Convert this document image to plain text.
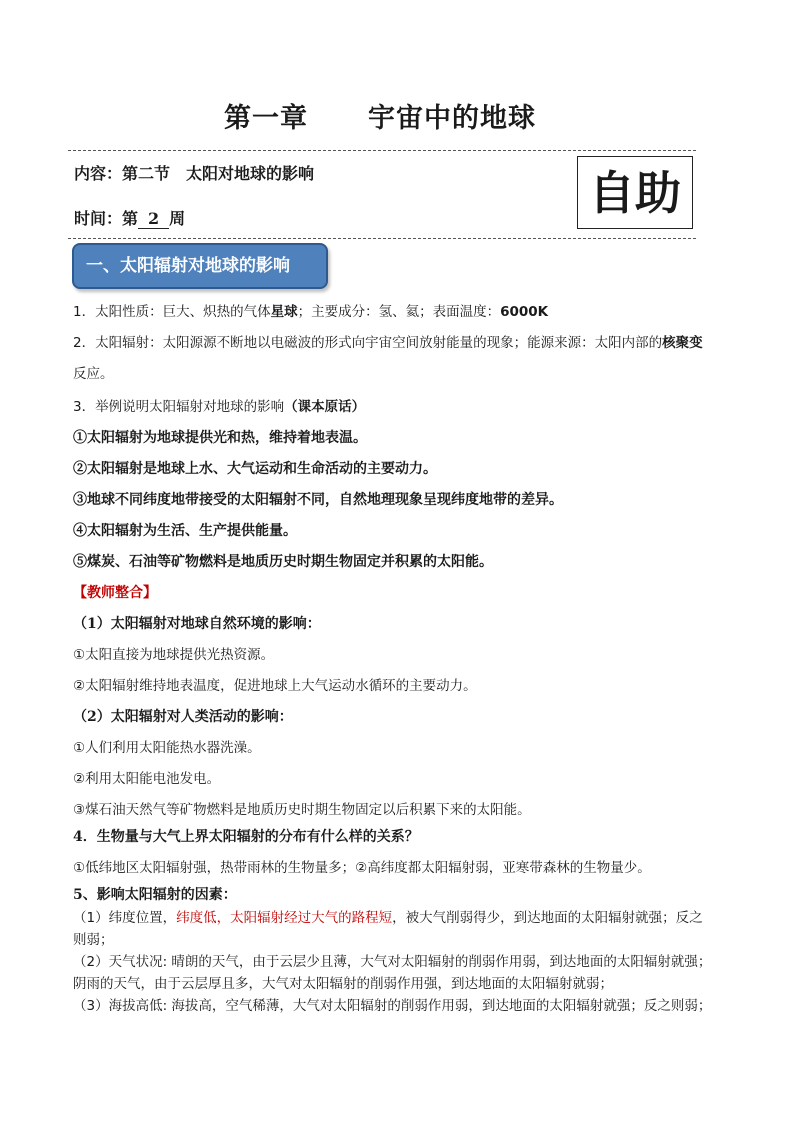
第一章 宇宙中的地球
内容：第二节　太阳对地球的影响
时间：第 2 周	自助
一、太阳辐射对地球的影响
1．太阳性质：巨大、炽热的气体星球；主要成分：氢、氦；表面温度：6000K
2．太阳辐射：太阳源源不断地以电磁波的形式向宇宙空间放射能量的现象；能源来源：太阳内部的核聚变
反应。
3．举例说明太阳辐射对地球的影响（课本原话）
①太阳辐射为地球提供光和热，维持着地表温。
②太阳辐射是地球上水、大气运动和生命活动的主要动力。
③地球不同纬度地带接受的太阳辐射不同，自然地理现象呈现纬度地带的差异。
④太阳辐射为生活、生产提供能量。
⑤煤炭、石油等矿物燃料是地质历史时期生物固定并积累的太阳能。
【教师整合】
（1）太阳辐射对地球自然环境的影响：
①太阳直接为地球提供光热资源。
②太阳辐射维持地表温度，促进地球上大气运动水循环的主要动力。
（2）太阳辐射对人类活动的影响：
①人们利用太阳能热水器洗澡。
②利用太阳能电池发电。
③煤石油天然气等矿物燃料是地质历史时期生物固定以后积累下来的太阳能。
4．生物量与大气上界太阳辐射的分布有什么样的关系？
①低纬地区太阳辐射强，热带雨林的生物量多；②高纬度都太阳辐射弱，亚寒带森林的生物量少。
5、影响太阳辐射的因素：
（1）纬度位置，纬度低，太阳辐射经过大气的路程短，被大气削弱得少，到达地面的太阳辐射就强；反之
则弱；
（2）天气状况: 晴朗的天气，由于云层少且薄，大气对太阳辐射的削弱作用弱，到达地面的太阳辐射就强；
阴雨的天气，由于云层厚且多，大气对太阳辐射的削弱作用强，到达地面的太阳辐射就弱；
（3）海拔高低: 海拔高，空气稀薄，大气对太阳辐射的削弱作用弱，到达地面的太阳辐射就强；反之则弱；
